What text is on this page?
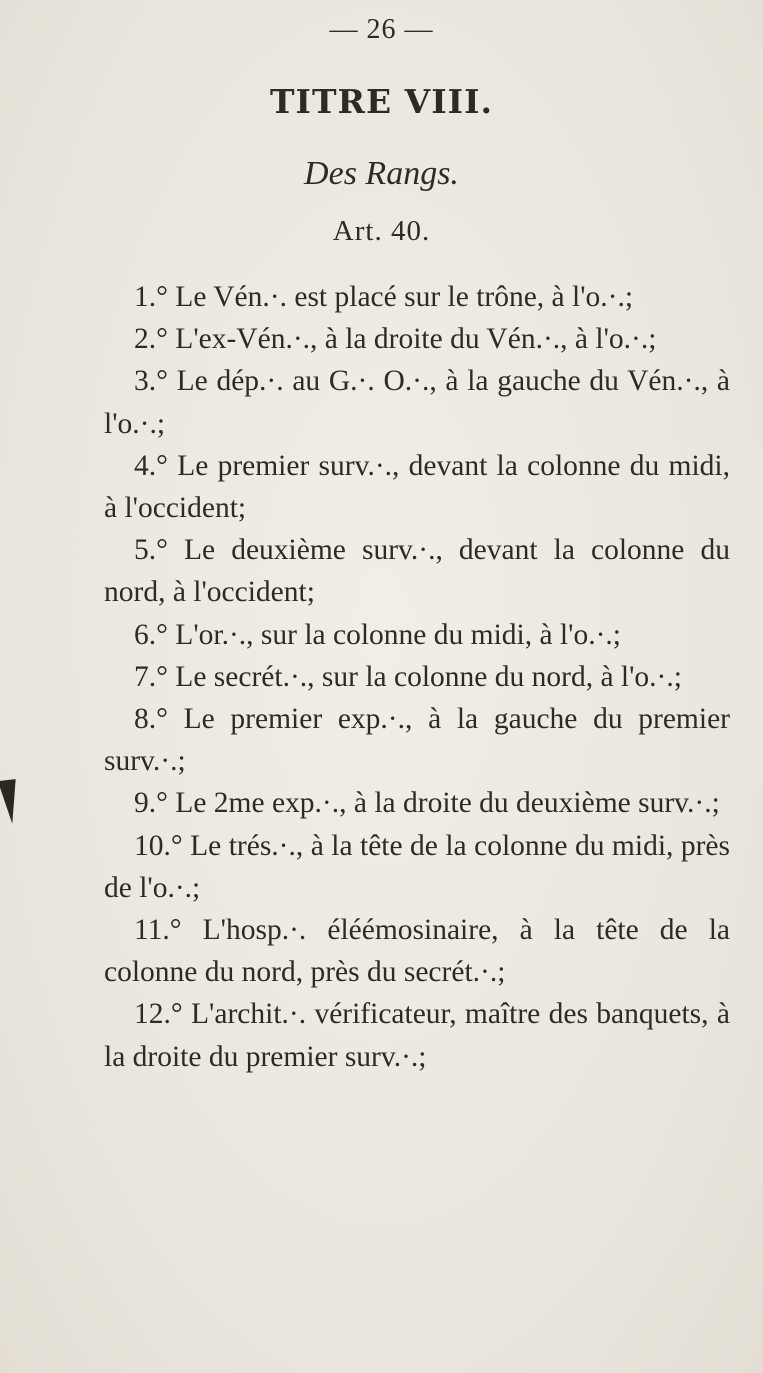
— 26 —
TITRE VIII.
Des Rangs.
Art. 40.

1.° Le Vén.·. est placé sur le trône, à l'o.·.;

2.° L'ex-Vén.·., à la droite du Vén.·., à l'o.·.;

3.° Le dép.·. au G.·. O.·., à la gauche du Vén.·., à l'o.·.;

4.° Le premier surv.·., devant la colonne du midi, à l'occident;

5.° Le deuxième surv.·., devant la colonne du nord, à l'occident;

6.° L'or.·., sur la colonne du midi, à l'o.·.;

7.° Le secrét.·., sur la colonne du nord, à l'o.·.;

8.° Le premier exp.·., à la gauche du premier surv.·.;

9.° Le 2me exp.·., à la droite du deuxième surv.·.;

10.° Le trés.·., à la tête de la colonne du midi, près de l'o.·.;

11.° L'hosp.·. éléémosinaire, à la tête de la colonne du nord, près du secrét.·.;

12.° L'archit.·. vérificateur, maître des banquets, à la droite du premier surv.·.;
